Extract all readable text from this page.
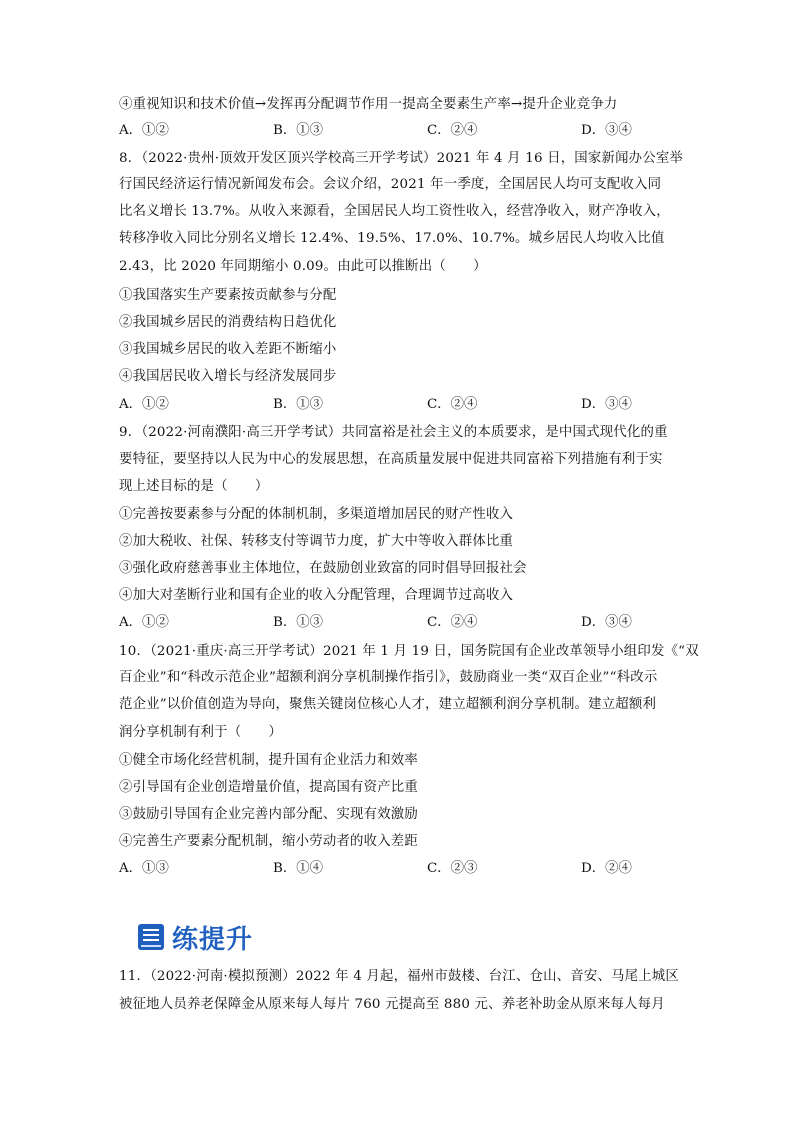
④重视知识和技术价值→发挥再分配调节作用一提高全要素生产率→提升企业竞争力
A．①②	B．①③	C．②④	D．③④
8．（2022·贵州·顶效开发区顶兴学校高三开学考试）2021 年 4 月 16 日，国家新闻办公室举
行国民经济运行情况新闻发布会。会议介绍，2021 年一季度，全国居民人均可支配收入同
比名义增长 13.7%。从收入来源看，全国居民人均工资性收入，经营净收入，财产净收入，
转移净收入同比分别名义增长 12.4%、19.5%、17.0%、10.7%。城乡居民人均收入比值
2.43，比 2020 年同期缩小 0.09。由此可以推断出（　　）
①我国落实生产要素按贡献参与分配
②我国城乡居民的消费结构日趋优化
③我国城乡居民的收入差距不断缩小
④我国居民收入增长与经济发展同步
A．①②	B．①③	C．②④	D．③④
9．（2022·河南濮阳·高三开学考试）共同富裕是社会主义的本质要求，是中国式现代化的重
要特征，要坚持以人民为中心的发展思想，在高质量发展中促进共同富裕下列措施有利于实
现上述目标的是（　　）
①完善按要素参与分配的体制机制，多渠道增加居民的财产性收入
②加大税收、社保、转移支付等调节力度，扩大中等收入群体比重
③强化政府慈善事业主体地位，在鼓励创业致富的同时倡导回报社会
④加大对垄断行业和国有企业的收入分配管理，合理调节过高收入
A．①②	B．①③	C．②④	D．③④
10．（2021·重庆·高三开学考试）2021 年 1 月 19 日，国务院国有企业改革领导小组印发《“双
百企业”和“科改示范企业”超额利润分享机制操作指引》，鼓励商业一类“双百企业”“科改示
范企业”以价值创造为导向，聚焦关键岗位核心人才，建立超额利润分享机制。建立超额利
润分享机制有利于（　　）
①健全市场化经营机制，提升国有企业活力和效率
②引导国有企业创造增量价值，提高国有资产比重
③鼓励引导国有企业完善内部分配、实现有效激励
④完善生产要素分配机制，缩小劳动者的收入差距
A．①③	B．①④	C．②③	D．②④
练提升
11．（2022·河南·模拟预测）2022 年 4 月起，福州市鼓楼、台江、仓山、音安、马尾上城区
被征地人员养老保障金从原来每人每片 760 元提高至 880 元、养老补助金从原来每人每月
